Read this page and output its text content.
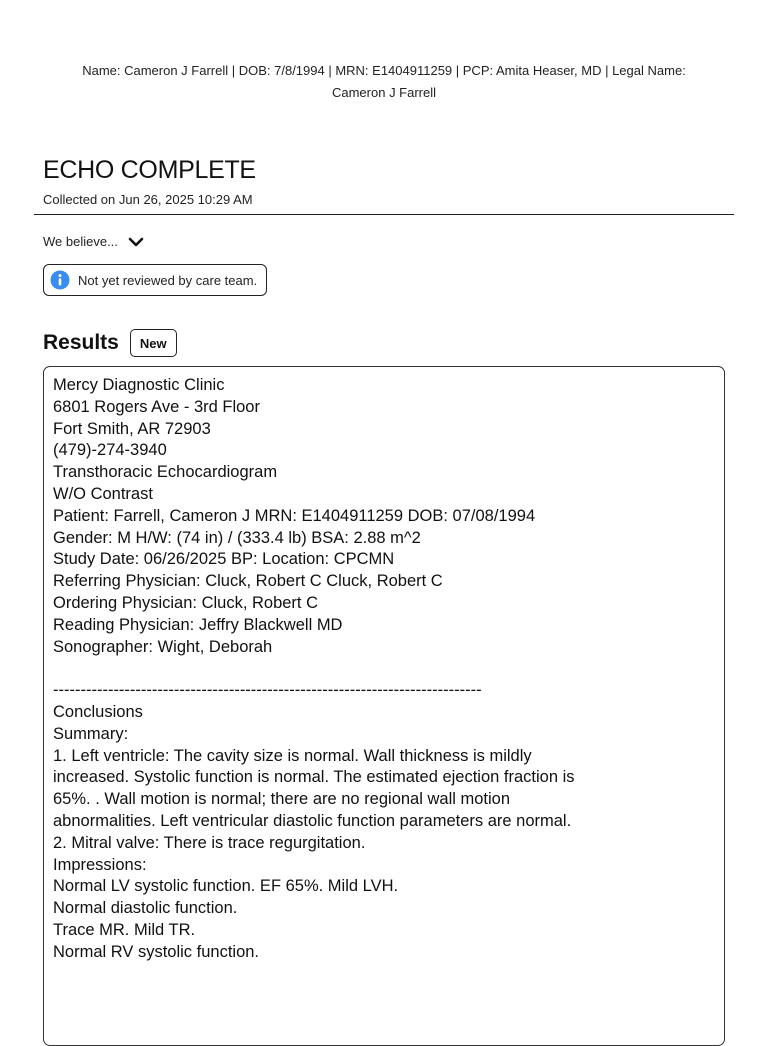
Name: Cameron J Farrell | DOB: 7/8/1994 | MRN: E1404911259 | PCP: Amita Heaser, MD | Legal Name:
Cameron J Farrell
ECHO COMPLETE
Collected on Jun 26, 2025 10:29 AM
We believe...
Not yet reviewed by care team.
Results	New
Mercy Diagnostic Clinic
6801 Rogers Ave - 3rd Floor
Fort Smith, AR 72903
(479)-274-3940
Transthoracic Echocardiogram
W/O Contrast
Patient: Farrell, Cameron J MRN: E1404911259 DOB: 07/08/1994
Gender: M H/W: (74 in) / (333.4 lb) BSA: 2.88 m^2
Study Date: 06/26/2025 BP: Location: CPCMN
Referring Physician: Cluck, Robert C Cluck, Robert C
Ordering Physician: Cluck, Robert C
Reading Physician: Jeffry Blackwell MD
Sonographer: Wight, Deborah
------------------------------------------------------------------------------
Conclusions
Summary:
1. Left ventricle: The cavity size is normal. Wall thickness is mildly
increased. Systolic function is normal. The estimated ejection fraction is
65%. . Wall motion is normal; there are no regional wall motion
abnormalities. Left ventricular diastolic function parameters are normal.
2. Mitral valve: There is trace regurgitation.
Impressions:
Normal LV systolic function. EF 65%. Mild LVH.
Normal diastolic function.
Trace MR. Mild TR.
Normal RV systolic function.
